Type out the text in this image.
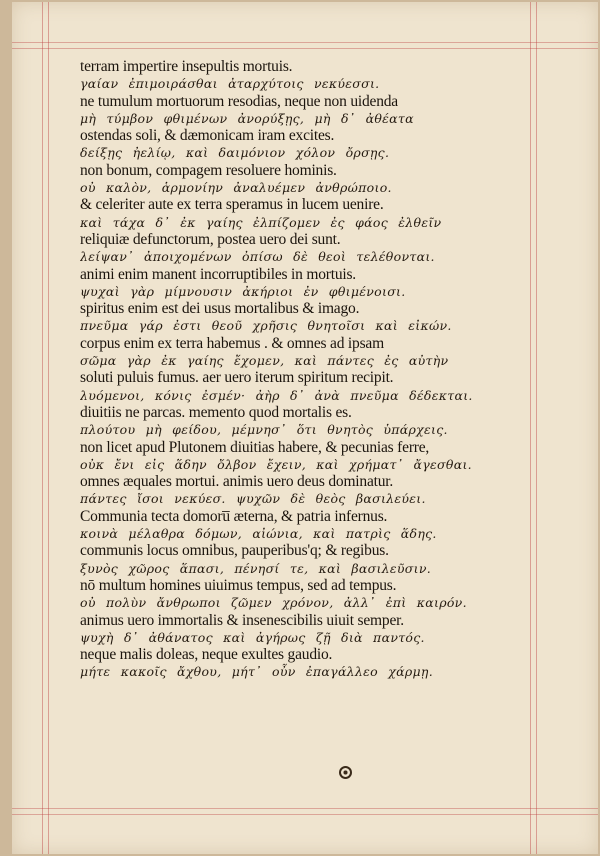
terram impertire insepultis mortuis.
γαίαν ἐπιμοιράσθαι ἀταρχύτοις νεκύεσσι.
ne tumulum mortuorum resodias, neque non uidenda
μὴ τύμβον φθιμένων ἀνορύξῃς, μὴ δ᾽ ἀθέατα
ostendas soli, & dæmonicam iram excites.
δείξῃς ἠελίῳ, καὶ δαιμόνιον χόλον ὄρσῃς.
non bonum, compagem resoluere hominis.
οὐ καλὸν, ἁρμονίην ἀναλυέμεν ἀνθρώποιο.
& celeriter aute ex terra speramus in lucem uenire.
καὶ τάχα δ᾽ ἐκ γαίης ἐλπίζομεν ἐς φάος ἐλθεῖν
reliquiæ defunctorum, postea uero dei sunt.
λείψαν᾽ ἀποιχομένων ὀπίσω δὲ θεοὶ τελέθονται.
animi enim manent incorruptibiles in mortuis.
ψυχαὶ γὰρ μίμνουσιν ἀκήριοι ἐν φθιμένοισι.
spiritus enim est dei usus mortalibus & imago.
πνεῦμα γάρ ἐστι θεοῦ χρῆσις θνητοῖσι καὶ εἰκών.
corpus enim ex terra habemus . & omnes ad ipsam
σῶμα γὰρ ἐκ γαίης ἔχομεν, καὶ πάντες ἐς αὐτὴν
soluti puluis fumus. aer uero iterum spiritum recipit.
λυόμενοι, κόνις ἐσμέν· ἀὴρ δ᾽ ἀνὰ πνεῦμα δέδεκται.
diuitiis ne parcas. memento quod mortalis es.
πλούτου μὴ φείδου, μέμνησ᾽ ὅτι θνητὸς ὑπάρχεις.
non licet apud Plutonem diuitias habere, & pecunias ferre,
οὐκ ἔνι εἰς ἅδην ὄλβον ἔχειν, καὶ χρήματ᾽ ἄγεσθαι.
omnes æquales mortui. animis uero deus dominatur.
πάντες ἴσοι νεκύεσ. ψυχῶν δὲ θεὸς βασιλεύει.
Communia tecta domoru̅ æterna, & patria infernus.
κοινὰ μέλαθρα δόμων, αἰώνια, καὶ πατρὶς ἅδης.
communis locus omnibus, pauperibus'q; & regibus.
ξυνὸς χῶρος ἅπασι, πένησί τε, καὶ βασιλεῦσιν.
nō multum homines uiuimus tempus, sed ad tempus.
οὐ πολὺν ἄνθρωποι ζῶμεν χρόνον, ἀλλ᾽ ἐπὶ καιρόν.
animus uero immortalis & insenescibilis uiuit semper.
ψυχὴ δ᾽ ἀθάνατος καὶ ἀγήρως ζῇ διὰ παντός.
neque malis doleas, neque exultes gaudio.
μήτε κακοῖς ἄχθου, μήτ᾽ οὖν ἐπαγάλλεο χάρμῃ.
